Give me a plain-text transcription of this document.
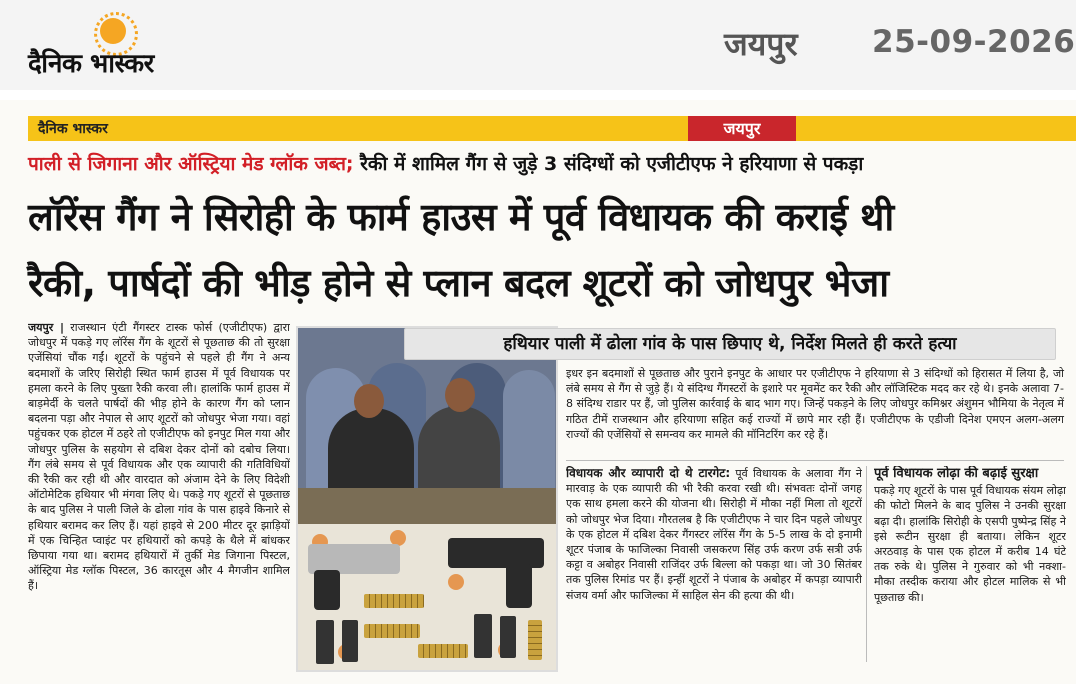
दैनिक भास्कर
जयपुर 25-09-2026
दैनिक भास्कर	जयपुर
पाली से जिगाना और ऑस्ट्रिया मेड ग्लॉक जब्त; रैकी में शामिल गैंग से जुड़े 3 संदिग्धों को एजीटीएफ ने हरियाणा से पकड़ा
लॉरेंस गैंग ने सिरोही के फार्म हाउस में पूर्व विधायक की कराई थी
रैकी, पार्षदों की भीड़ होने से प्लान बदल शूटरों को जोधपुर भेजा
जयपुर | राजस्थान एंटी गैंगस्टर टास्क फोर्स (एजीटीएफ) द्वारा जोधपुर में पकड़े गए लॉरेंस गैंग के शूटरों से पूछताछ की तो सुरक्षा एजेंसियां चौंक गईं। शूटरों के पहुंचने से पहले ही गैंग ने अन्य बदमाशों के जरिए सिरोही स्थित फार्म हाउस में पूर्व विधायक पर हमला करने के लिए पुख्ता रैकी करवा ली। हालांकि फार्म हाउस में बाड़मेर्दी के चलते पार्षदों की भीड़ होने के कारण गैंग को प्लान बदलना पड़ा और नेपाल से आए शूटरों को जोधपुर भेजा गया। वहां पहुंचकर एक होटल में ठहरे तो एजीटीएफ को इनपुट मिल गया और जोधपुर पुलिस के सहयोग से दबिश देकर दोनों को दबोच लिया। गैंग लंबे समय से पूर्व विधायक और एक व्यापारी की गतिविधियों की रैकी कर रही थी और वारदात को अंजाम देने के लिए विदेशी ऑटोमेटिक हथियार भी मंगवा लिए थे। पकड़े गए शूटरों से पूछताछ के बाद पुलिस ने पाली जिले के ढोला गांव के पास हाइवे किनारे से हथियार बरामद कर लिए हैं। यहां हाइवे से 200 मीटर दूर झाड़ियों में एक चिन्हित प्वाइंट पर हथियारों को कपड़े के थैले में बांधकर छिपाया गया था। बरामद हथियारों में तुर्की मेड जिगाना पिस्टल, ऑस्ट्रिया मेड ग्लॉक पिस्टल, 36 कारतूस और 4 मैगजीन शामिल हैं।
हथियार पाली में ढोला गांव के पास छिपाए थे, निर्देश मिलते ही करते हत्या
इधर इन बदमाशों से पूछताछ और पुराने इनपुट के आधार पर एजीटीएफ ने हरियाणा से 3 संदिग्धों को हिरासत में लिया है, जो लंबे समय से गैंग से जुड़े हैं। ये संदिग्ध गैंगस्टरों के इशारे पर मूवमेंट कर रैकी और लॉजिस्टिक मदद कर रहे थे। इनके अलावा 7-8 संदिग्ध राडार पर हैं, जो पुलिस कार्रवाई के बाद भाग गए। जिन्हें पकड़ने के लिए जोधपुर कमिश्नर अंशुमन भौमिया के नेतृत्व में गठित टीमें राजस्थान और हरियाणा सहित कई राज्यों में छापे मार रही हैं। एजीटीएफ के एडीजी दिनेश एमएन अलग-अलग राज्यों की एजेंसियों से समन्वय कर मामले की मॉनिटरिंग कर रहे हैं।
विधायक और व्यापारी दो थे टारगेट: पूर्व विधायक के अलावा गैंग ने मारवाड़ के एक व्यापारी की भी रैकी करवा रखी थी। संभवतः दोनों जगह एक साथ हमला करने की योजना थी। सिरोही में मौका नहीं मिला तो शूटरों को जोधपुर भेज दिया। गौरतलब है कि एजीटीएफ ने चार दिन पहले जोधपुर के एक होटल में दबिश देकर गैंगस्टर लॉरेंस गैंग के 5-5 लाख के दो इनामी शूटर पंजाब के फाजिल्का निवासी जसकरण सिंह उर्फ करण उर्फ सत्री उर्फ कट्टा व अबोहर निवासी राजिंदर उर्फ बिल्ला को पकड़ा था। जो 30 सितंबर तक पुलिस रिमांड पर हैं। इन्हीं शूटरों ने पंजाब के अबोहर में कपड़ा व्यापारी संजय वर्मा और फाजिल्का में साहिल सेन की हत्या की थी।
पूर्व विधायक लोढ़ा की बढ़ाई सुरक्षा
पकड़े गए शूटरों के पास पूर्व विधायक संयम लोढ़ा की फोटो मिलने के बाद पुलिस ने उनकी सुरक्षा बढ़ा दी। हालांकि सिरोही के एसपी पुष्पेन्द्र सिंह ने इसे रूटीन सुरक्षा ही बताया। लेकिन शूटर अरठवाड़ के पास एक होटल में करीब 14 घंटे तक रुके थे। पुलिस ने गुरुवार को भी नक्शा-मौका तस्दीक कराया और होटल मालिक से भी पूछताछ की।
